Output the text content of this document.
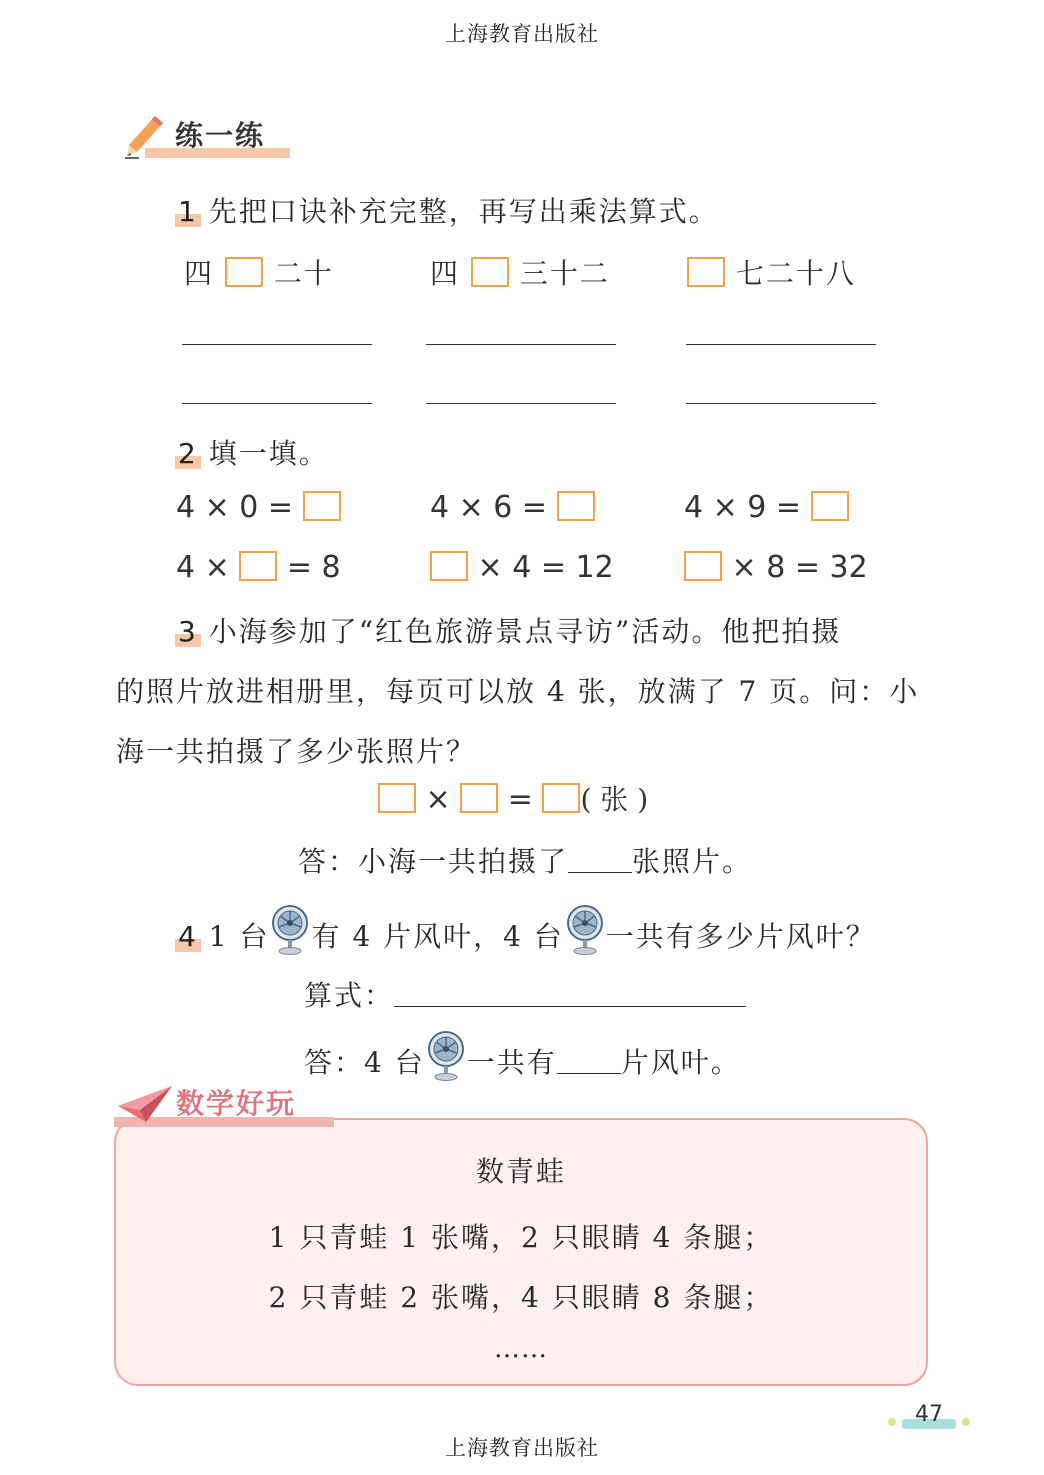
上海教育出版社
练一练
1 先把口诀补充完整，再写出乘法算式。
四 二十	四 三十二	七二十八
2 填一填。
4 × 0 =	4 × 6 =	4 × 9 =
4 × = 8	× 4 = 12	× 8 = 32
3 小海参加了“红色旅游景点寻访”活动。他把拍摄
的照片放进相册里，每页可以放 4 张，放满了 7 页。问：小
海一共拍摄了多少张照片？
× = ( 张 )
答：小海一共拍摄了 张照片。
4 1 台 有 4 片风叶，4 台 一共有多少片风叶？
算式：
答：4 台 一共有 片风叶。
数学好玩
数青蛙
1 只青蛙 1 张嘴，2 只眼睛 4 条腿；
2 只青蛙 2 张嘴，4 只眼睛 8 条腿；
……
47
上海教育出版社
